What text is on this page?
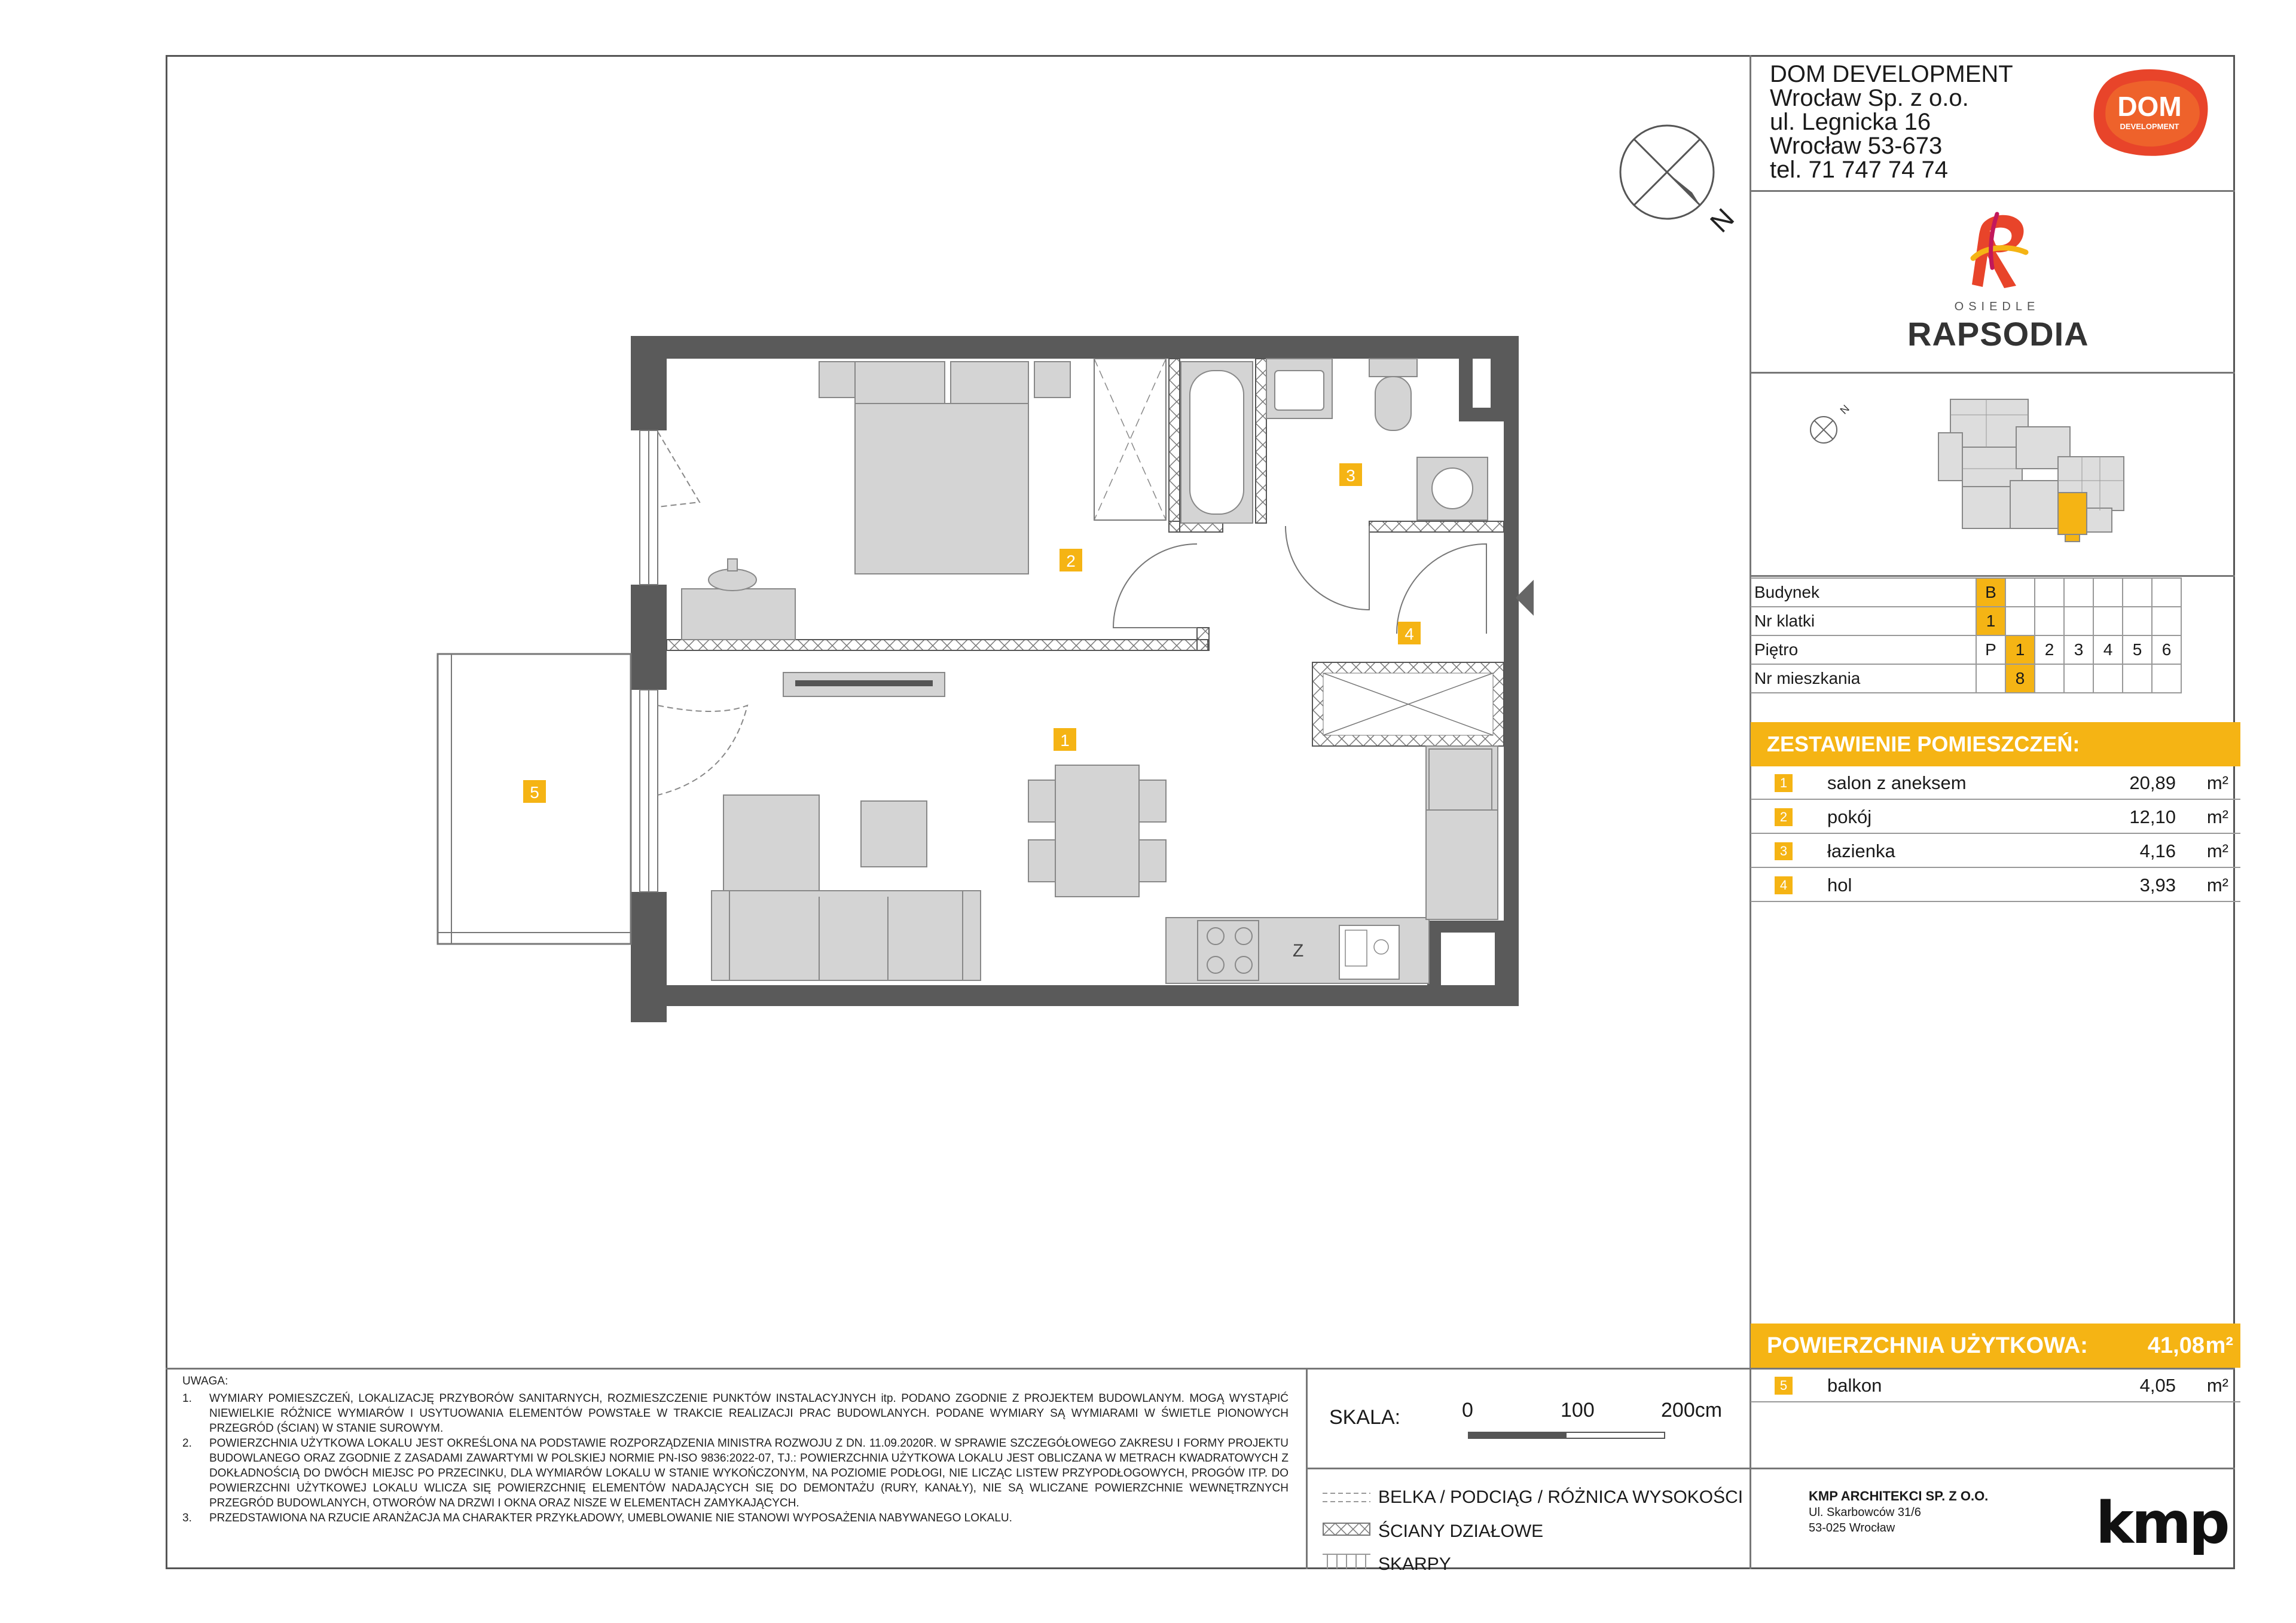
DOM DEVELOPMENT
Wrocław Sp. z o.o.
ul. Legnicka 16
Wrocław 53-673
tel. 71 747 74 74
DOM
DEVELOPMENT
OSIEDLE
RAPSODIA
N
N
Budynek	B						
Nr klatki	1						
Piętro	P	1	2	3	4	5	6
Nr mieszkania		8					
ZESTAWIENIE POMIESZCZEŃ:
1 salon z aneksem	20,89 m²
2 pokój	12,10 m²
3 łazienka	4,16 m²
4 hol	3,93 m²
POWIERZCHNIA UŻYTKOWA:	41,08 m²
5 balkon	4,05 m²
Z
1
2
3
4
5
UWAGA:
1.	WYMIARY POMIESZCZEŃ, LOKALIZACJĘ PRZYBORÓW SANITARNYCH, ROZMIESZCZENIE PUNKTÓW INSTALACYJNYCH itp. PODANO ZGODNIE Z PROJEKTEM BUDOWLANYM. MOGĄ WYSTĄPIĆ NIEWIELKIE RÓŻNICE WYMIARÓW I USYTUOWANIA ELEMENTÓW POWSTAŁE W TRAKCIE REALIZACJI PRAC BUDOWLANYCH. PODANE WYMIARY SĄ WYMIARAMI W ŚWIETLE PIONOWYCH PRZEGRÓD (ŚCIAN) W STANIE SUROWYM.
2.	POWIERZCHNIA UŻYTKOWA LOKALU JEST OKREŚLONA NA PODSTAWIE ROZPORZĄDZENIA MINISTRA ROZWOJU Z DN. 11.09.2020R. W SPRAWIE SZCZEGÓŁOWEGO ZAKRESU I FORMY PROJEKTU BUDOWLANEGO ORAZ ZGODNIE Z ZASADAMI ZAWARTYMI W POLSKIEJ NORMIE PN-ISO 9836:2022-07, TJ.: POWIERZCHNIA UŻYTKOWA LOKALU JEST OBLICZANA W METRACH KWADRATOWYCH Z DOKŁADNOŚCIĄ DO DWÓCH MIEJSC PO PRZECINKU, DLA WYMIARÓW LOKALU W STANIE WYKOŃCZONYM, NA POZIOMIE PODŁOGI, NIE LICZĄC LISTEW PRZYPODŁOGOWYCH, PROGÓW ITP. DO POWIERZCHNI UŻYTKOWEJ LOKALU WLICZA SIĘ POWIERZCHNIĘ ELEMENTÓW NADAJĄCYCH SIĘ DO DEMONTAŻU (RURY, KANAŁY), NIE SĄ WLICZANE POWIERZCHNIE WEWNĘTRZNYCH PRZEGRÓD BUDOWLANYCH, OTWORÓW NA DRZWI I OKNA ORAZ NISZE W ELEMENTACH ZAMYKAJĄCYCH.
3.	PRZEDSTAWIONA NA RZUCIE ARANŻACJA MA CHARAKTER PRZYKŁADOWY, UMEBLOWANIE NIE STANOWI WYPOSAŻENIA NABYWANEGO LOKALU.
SKALA:	0	100	200cm
BELKA / PODCIĄG / RÓŻNICA WYSOKOŚCI
ŚCIANY DZIAŁOWE
SKARPY
KMP ARCHITEKCI SP. Z O.O.
Ul. Skarbowców 31/6
53-025 Wrocław	kmp
